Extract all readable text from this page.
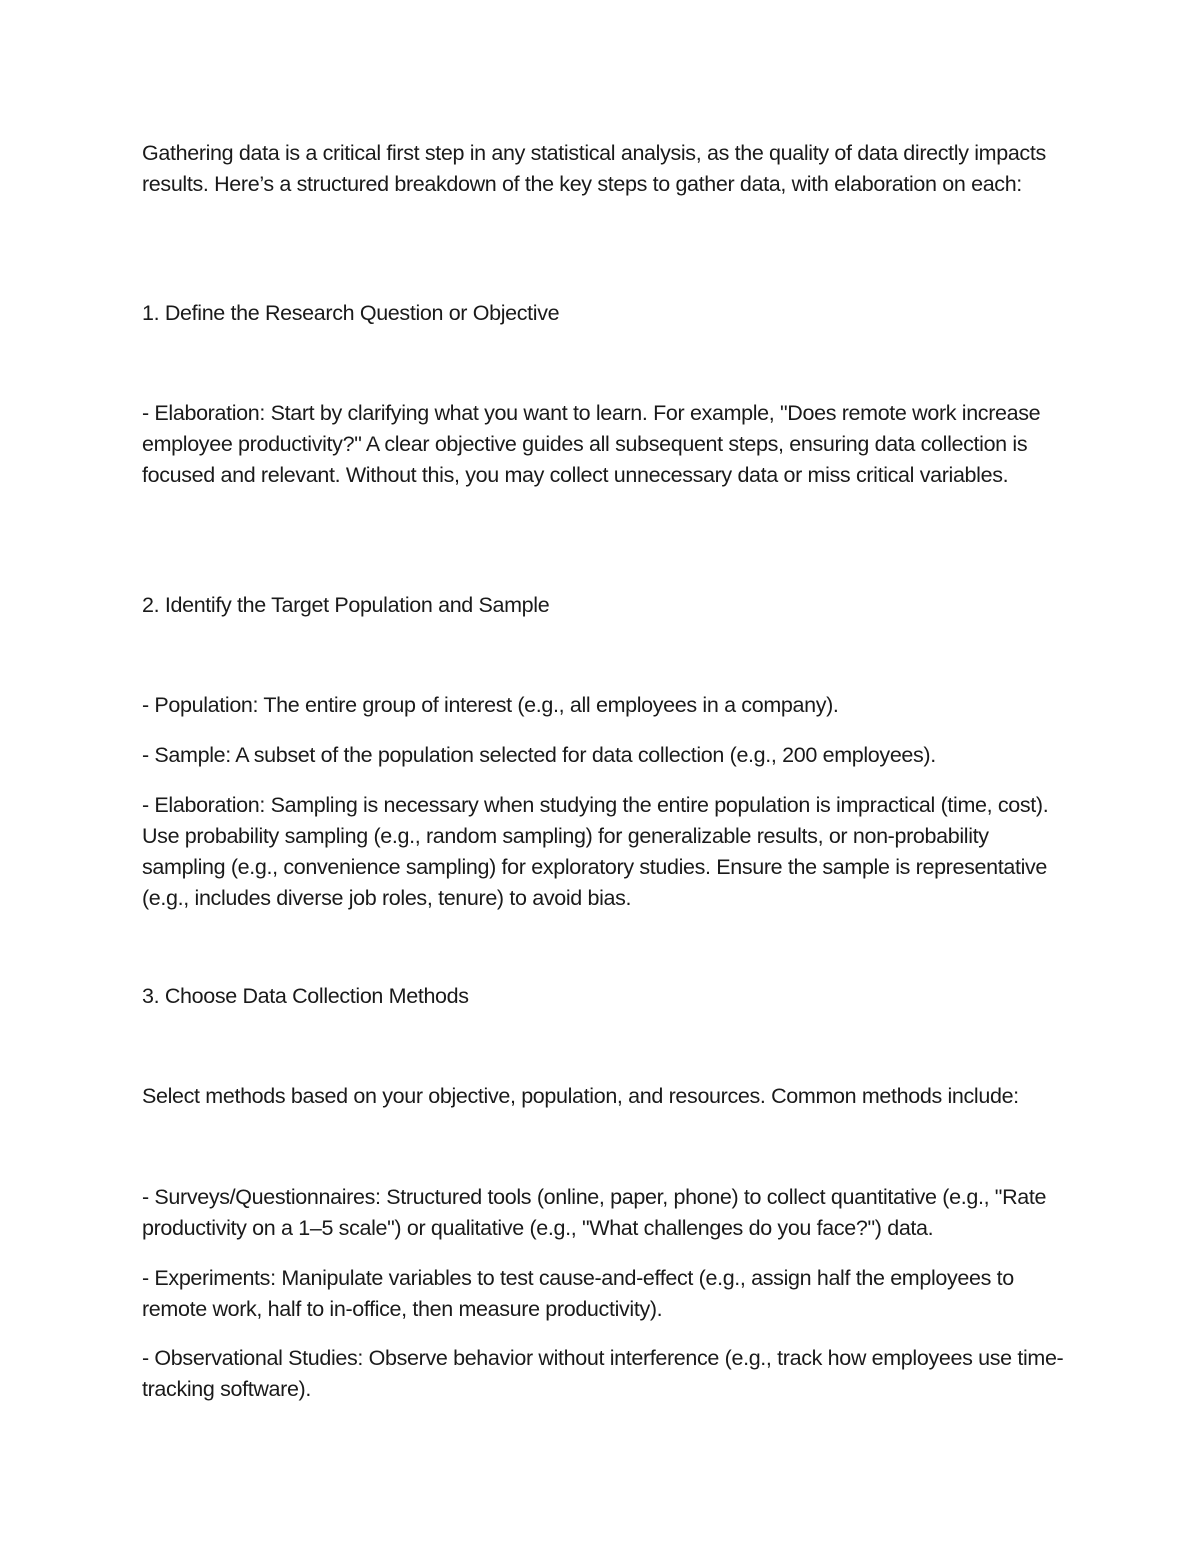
Gathering data is a critical first step in any statistical analysis, as the quality of data directly impacts results. Here’s a structured breakdown of the key steps to gather data, with elaboration on each:

1. Define the Research Question or Objective

- Elaboration: Start by clarifying what you want to learn. For example, "Does remote work increase employee productivity?" A clear objective guides all subsequent steps, ensuring data collection is focused and relevant. Without this, you may collect unnecessary data or miss critical variables.

2. Identify the Target Population and Sample

- Population: The entire group of interest (e.g., all employees in a company).

- Sample: A subset of the population selected for data collection (e.g., 200 employees).

- Elaboration: Sampling is necessary when studying the entire population is impractical (time, cost). Use probability sampling (e.g., random sampling) for generalizable results, or non-probability sampling (e.g., convenience sampling) for exploratory studies. Ensure the sample is representative (e.g., includes diverse job roles, tenure) to avoid bias.

3. Choose Data Collection Methods

Select methods based on your objective, population, and resources. Common methods include:

- Surveys/Questionnaires: Structured tools (online, paper, phone) to collect quantitative (e.g., "Rate productivity on a 1–5 scale") or qualitative (e.g., "What challenges do you face?") data.

- Experiments: Manipulate variables to test cause-and-effect (e.g., assign half the employees to remote work, half to in-office, then measure productivity).

- Observational Studies: Observe behavior without interference (e.g., track how employees use time-tracking software).
